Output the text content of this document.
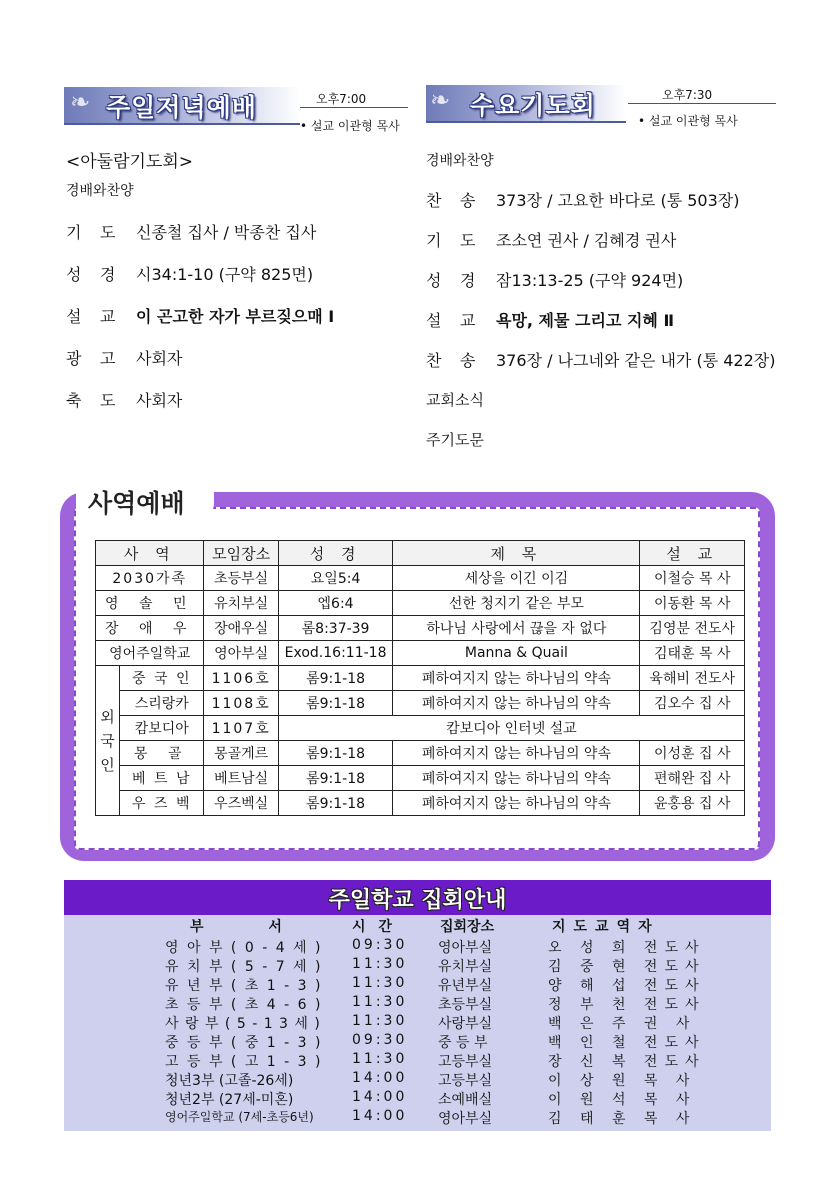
❧ 주일저녁예배	오후7:00
• 설교 이관형 목사
❧ 수요기도회	오후7:30
• 설교 이관형 목사
<아둘람기도회>
경배와찬양
기 도 신종철 집사 / 박종찬 집사
성 경 시34:1-10 (구약 825면)
설 교 이 곤고한 자가 부르짖으매 Ⅰ
광 고 사회자
축 도 사회자
경배와찬양
찬 송 373장 / 고요한 바다로 (통 503장)
기 도 조소연 권사 / 김혜경 권사
성 경 잠13:13-25 (구약 924면)
설 교 욕망, 제물 그리고 지혜 Ⅱ
찬 송 376장 / 나그네와 같은 내가 (통 422장)
교회소식
주기도문
사역예배
사 역		모임장소	성 경	제 목	설 교
2030가족		초등부실	요일5:4	세상을 이긴 이김	이철승 목 사
영 솔 민		유치부실	엡6:4	선한 청지기 같은 부모	이동환 목 사
장 애 우		장애우실	롬8:37-39	하나님 사랑에서 끊을 자 없다	김영분 전도사
영어주일학교		영아부실	Exod.16:11-18	Manna & Quail	김태훈 목 사
외국인	중 국 인	1106호	롬9:1-18	폐하여지지 않는 하나님의 약속	육해비 전도사
	스리랑카	1108호	롬9:1-18	폐하여지지 않는 하나님의 약속	김오수 집 사
	캄보디아	1107호	캄보디아 인터넷 설교		
	몽 골	몽골게르	롬9:1-18	폐하여지지 않는 하나님의 약속	이성훈 집 사
	베 트 남	베트남실	롬9:1-18	폐하여지지 않는 하나님의 약속	편해완 집 사
	우 즈 벡	우즈벡실	롬9:1-18	폐하여지지 않는 하나님의 약속	윤홍용 집 사
주일학교 집회안내
부 서	시 간	집회장소	지도교역자
영 아 부 ( 0 - 4 세 ) 09:30 영아부실	오 성 희 전도사
유 치 부 ( 5 - 7 세 ) 11:30 유치부실	김 중 현 전도사
유 년 부 ( 초 1 - 3 ) 11:30 유년부실	양 해 섭 전도사
초 등 부 ( 초 4 - 6 ) 11:30 초등부실	정 부 천 전도사
사 랑 부 ( 5 - 1 3 세 ) 11:30 사랑부실	백 은 주 권 사
중 등 부 ( 중 1 - 3 ) 09:30 중 등 부	백 인 철 전도사
고 등 부 ( 고 1 - 3 ) 11:30 고등부실	장 신 복 전도사
청년3부 (고졸-26세)	14:00 고등부실	이 상 원 목 사
청년2부 (27세-미혼)	14:00 소예배실	이 원 석 목 사
영어주일학교 (7세-초등6년)	14:00 영아부실	김 태 훈 목 사
